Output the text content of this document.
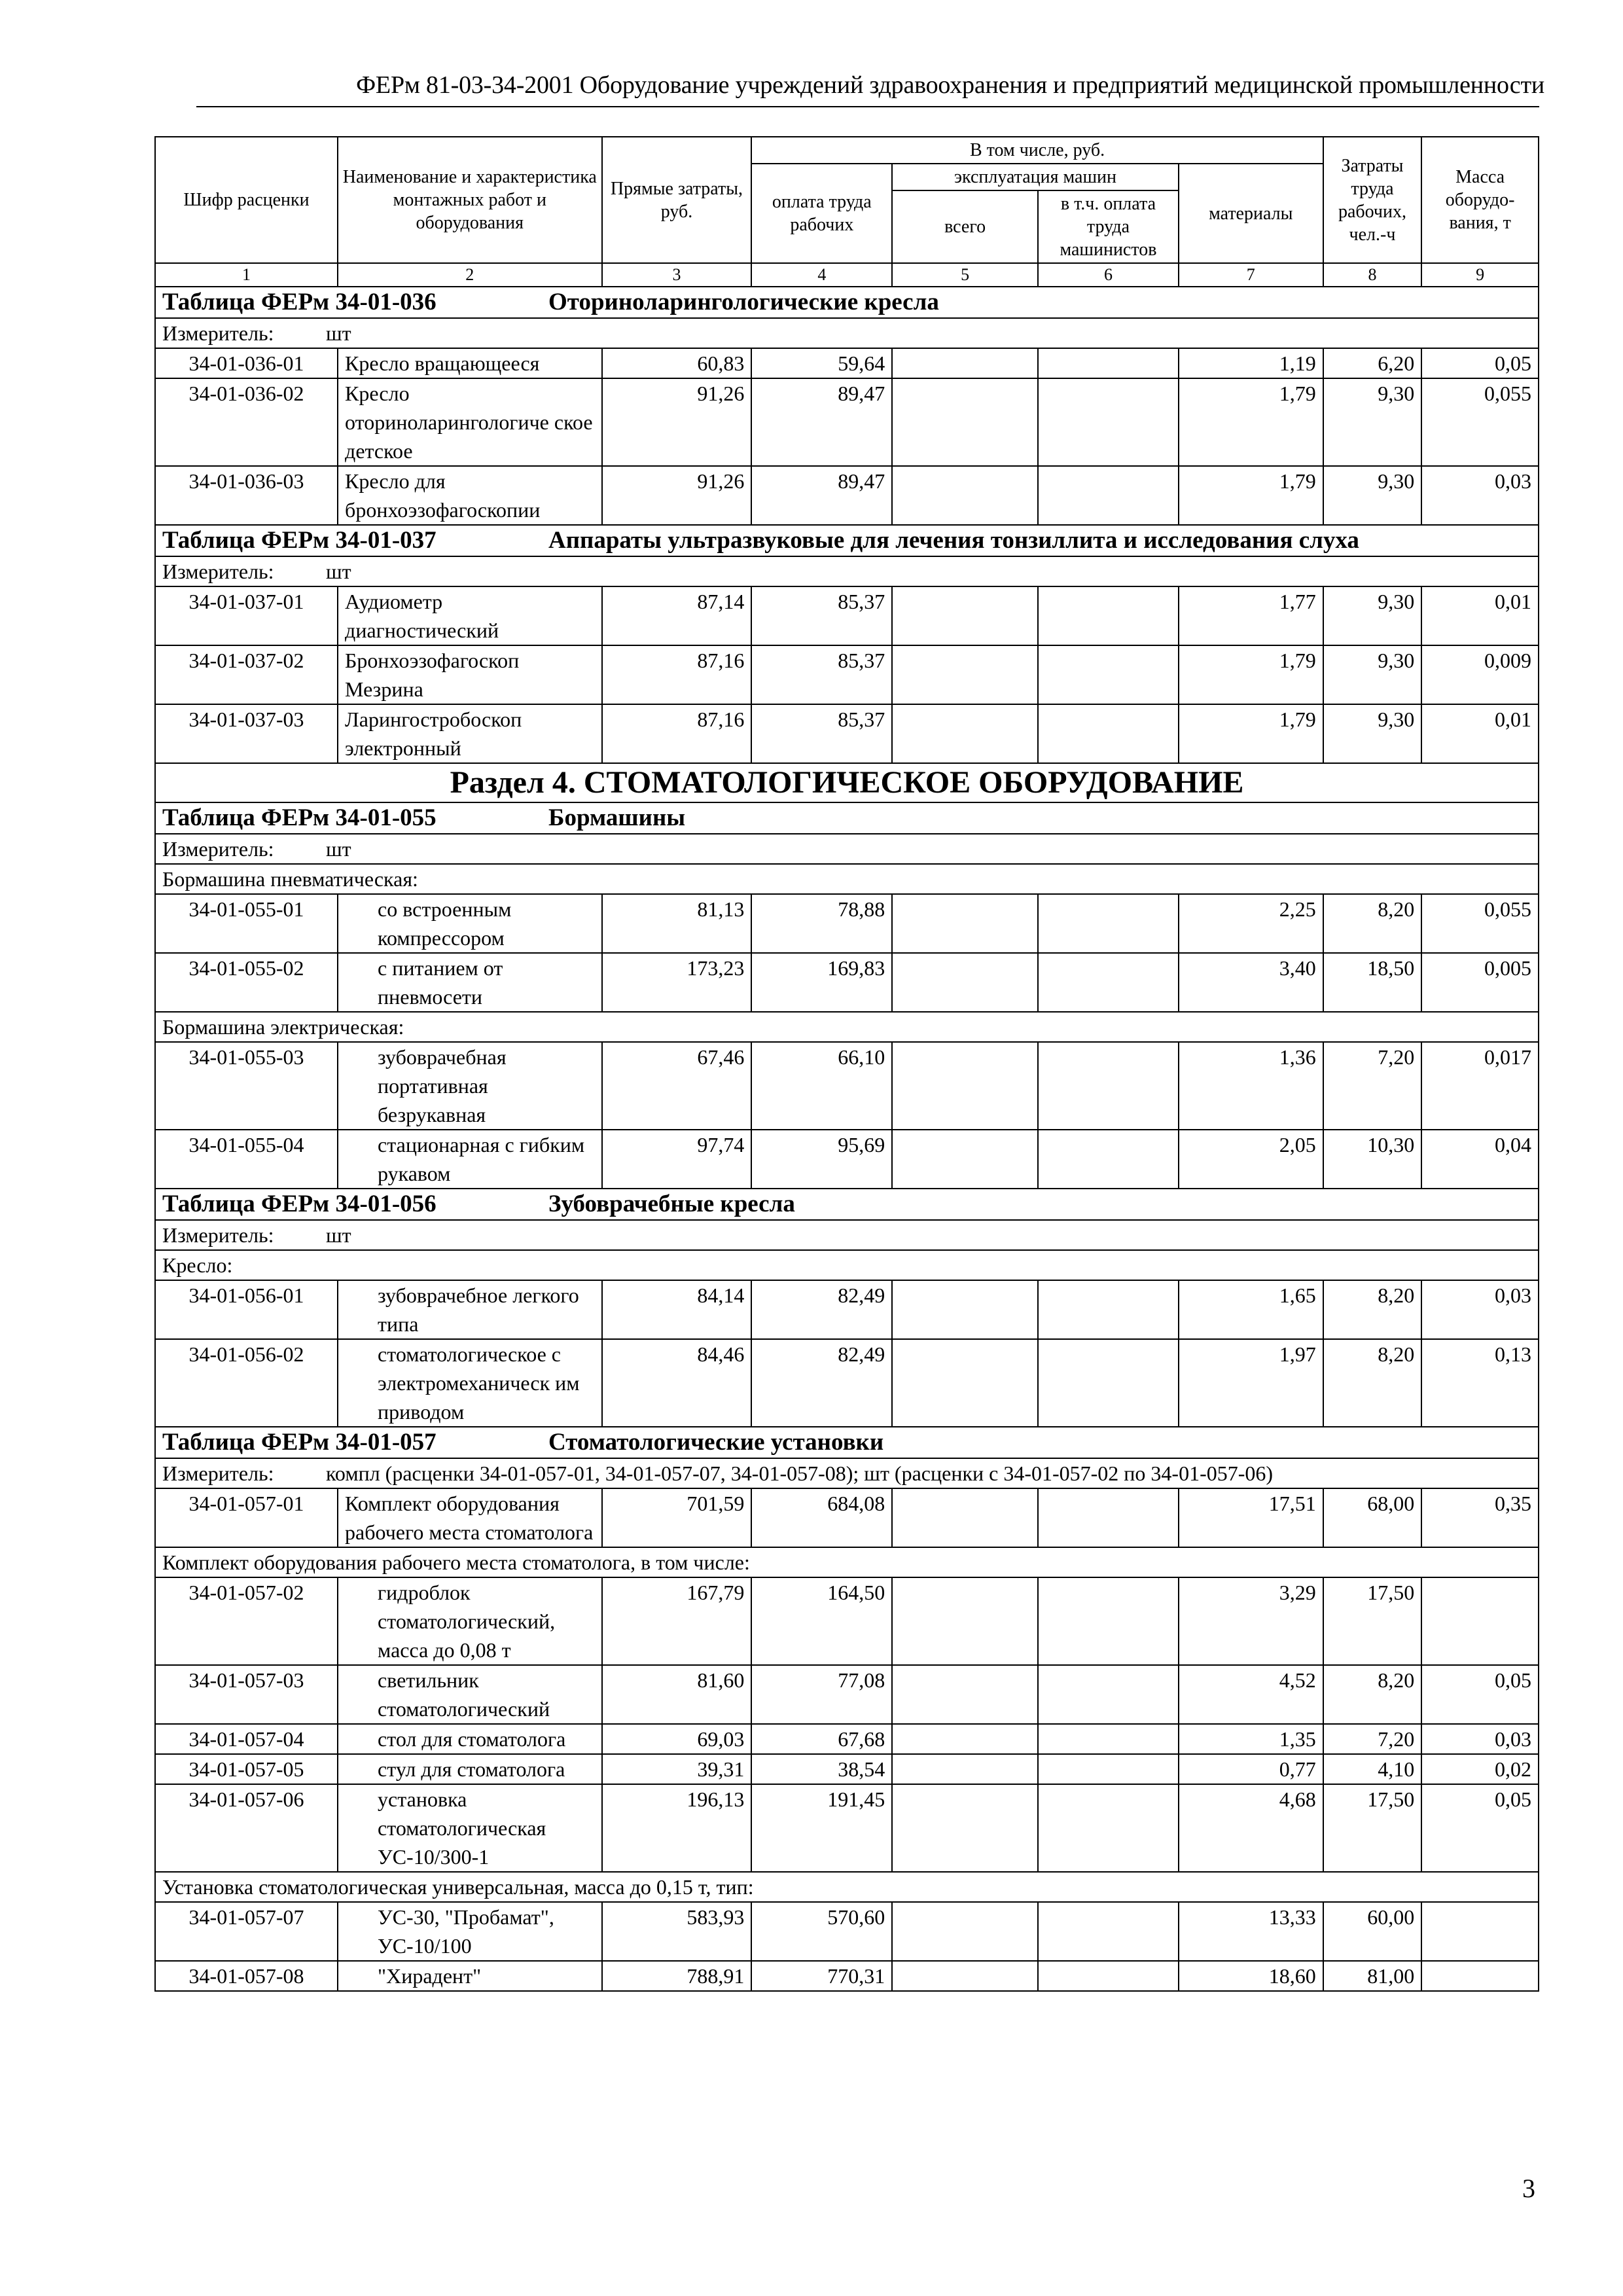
ФЕРм 81-03-34-2001 Оборудование учреждений здравоохранения и предприятий медицинской промышленности
Шифр расценки	Наименование и характеристика монтажных работ и оборудования	Прямые затраты, руб.	В том числе, руб.				Затраты труда рабочих, чел.-ч	Масса оборудо-вания, т
			оплата труда рабочих	эксплуатация машин		материалы		
				всего	в т.ч. оплата труда машинистов			
1	2	3	4	5	6	7	8	9
Таблица ФЕРм 34-01-036 Оториноларингологические кресла								
Измеритель: шт								
34-01-036-01	Кресло вращающееся	60,83	59,64			1,19	6,20	0,05
34-01-036-02	Кресло оториноларингологиче ское детское	91,26	89,47			1,79	9,30	0,055
34-01-036-03	Кресло для бронхоэзофагоскопии	91,26	89,47			1,79	9,30	0,03
Таблица ФЕРм 34-01-037 Аппараты ультразвуковые для лечения тонзиллита и исследования слуха								
Измеритель: шт								
34-01-037-01	Аудиометр диагностический	87,14	85,37			1,77	9,30	0,01
34-01-037-02	Бронхоэзофагоскоп Мезрина	87,16	85,37			1,79	9,30	0,009
34-01-037-03	Ларингостробоскоп электронный	87,16	85,37			1,79	9,30	0,01
Раздел 4. СТОМАТОЛОГИЧЕСКОЕ ОБОРУДОВАНИЕ								
Таблица ФЕРм 34-01-055 Бормашины								
Измеритель: шт								
Бормашина пневматическая:								
34-01-055-01	со встроенным компрессором	81,13	78,88			2,25	8,20	0,055
34-01-055-02	с питанием от пневмосети	173,23	169,83			3,40	18,50	0,005
Бормашина электрическая:								
34-01-055-03	зубоврачебная портативная безрукавная	67,46	66,10			1,36	7,20	0,017
34-01-055-04	стационарная с гибким рукавом	97,74	95,69			2,05	10,30	0,04
Таблица ФЕРм 34-01-056 Зубоврачебные кресла								
Измеритель: шт								
Кресло:								
34-01-056-01	зубоврачебное легкого типа	84,14	82,49			1,65	8,20	0,03
34-01-056-02	стоматологическое с электромеханическ им приводом	84,46	82,49			1,97	8,20	0,13
Таблица ФЕРм 34-01-057 Стоматологические установки								
Измеритель: компл (расценки 34-01-057-01, 34-01-057-07, 34-01-057-08); шт (расценки с 34-01-057-02 по 34-01-057-06)								
34-01-057-01	Комплект оборудования рабочего места стоматолога	701,59	684,08			17,51	68,00	0,35
Комплект оборудования рабочего места стоматолога, в том числе:								
34-01-057-02	гидроблок стоматологический, масса до 0,08 т	167,79	164,50			3,29	17,50	
34-01-057-03	светильник стоматологический	81,60	77,08			4,52	8,20	0,05
34-01-057-04	стол для стоматолога	69,03	67,68			1,35	7,20	0,03
34-01-057-05	стул для стоматолога	39,31	38,54			0,77	4,10	0,02
34-01-057-06	установка стоматологическая УС-10/300-1	196,13	191,45			4,68	17,50	0,05
Установка стоматологическая универсальная, масса до 0,15 т, тип:								
34-01-057-07	УС-30, "Пробамат", УС-10/100	583,93	570,60			13,33	60,00	
34-01-057-08	"Хирадент"	788,91	770,31			18,60	81,00	
3
